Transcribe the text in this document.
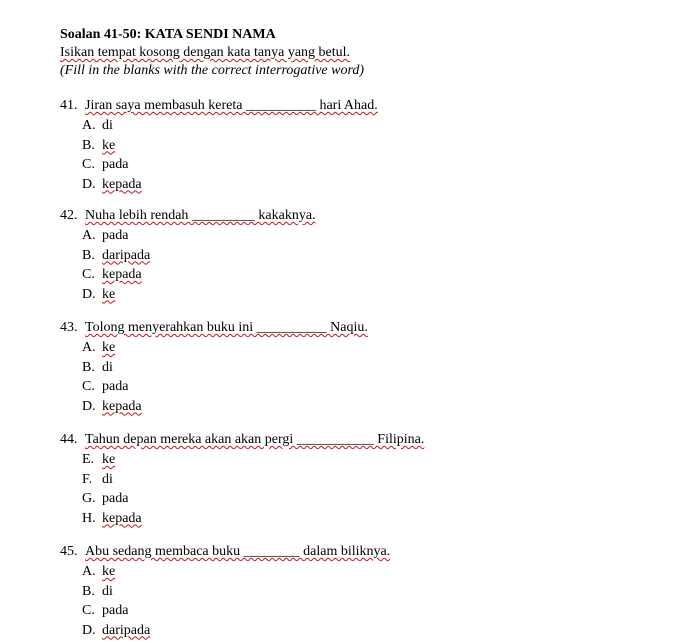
Soalan 41-50: KATA SENDI NAMA
Isikan tempat kosong dengan kata tanya yang betul.
(Fill in the blanks with the correct interrogative word)
41. Jiran saya membasuh kereta __________ hari Ahad.
A. di
B. ke
C. pada
D. kepada
42. Nuha lebih rendah _________ kakaknya.
A. pada
B. daripada
C. kepada
D. ke
43. Tolong menyerahkan buku ini __________ Naqiu.
A. ke
B. di
C. pada
D. kepada
44. Tahun depan mereka akan akan pergi ___________ Filipina.
E. ke
F. di
G. pada
H. kepada
45. Abu sedang membaca buku ________ dalam biliknya.
A. ke
B. di
C. pada
D. daripada
